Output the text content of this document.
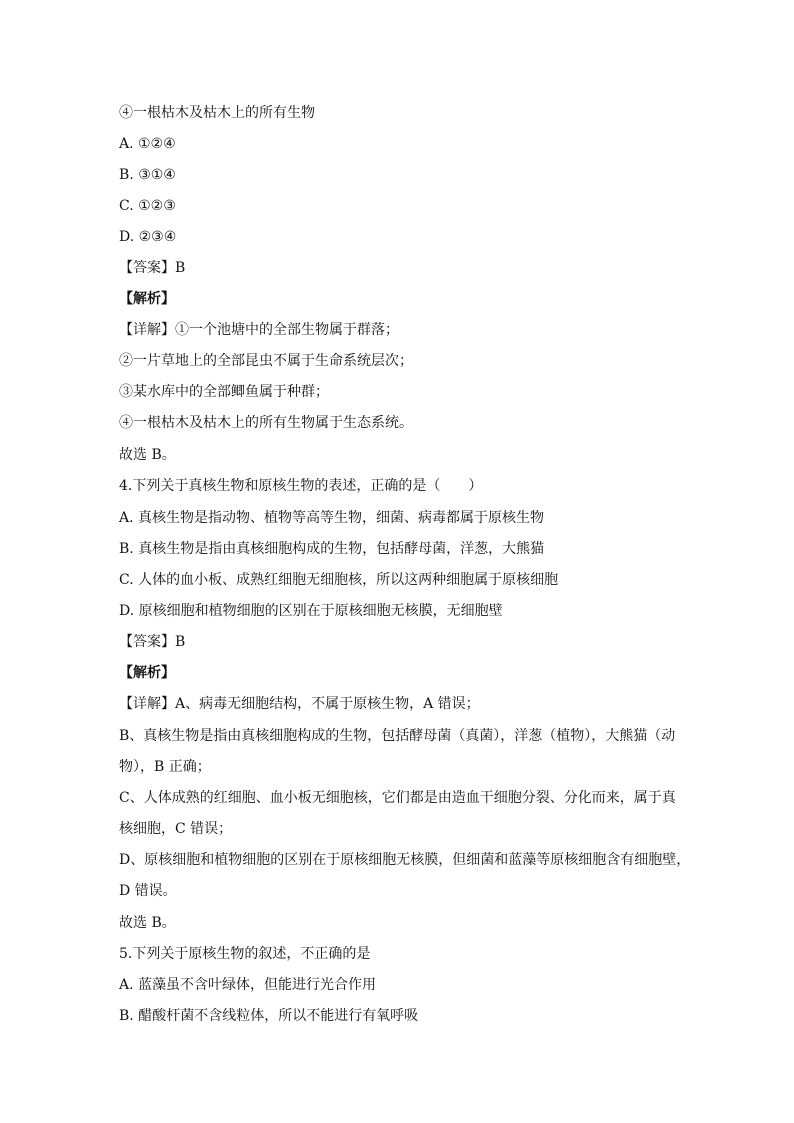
④一根枯木及枯木上的所有生物
A. ①②④
B. ③①④
C. ①②③
D. ②③④
【答案】B
【解析】
【详解】①一个池塘中的全部生物属于群落；
②一片草地上的全部昆虫不属于生命系统层次；
③某水库中的全部鲫鱼属于种群；
④一根枯木及枯木上的所有生物属于生态系统。
故选 B。
4.下列关于真核生物和原核生物的表述，正确的是（　　）
A. 真核生物是指动物、植物等高等生物，细菌、病毒都属于原核生物
B. 真核生物是指由真核细胞构成的生物，包括酵母菌，洋葱，大熊猫
C. 人体的血小板、成熟红细胞无细胞核，所以这两种细胞属于原核细胞
D. 原核细胞和植物细胞的区别在于原核细胞无核膜，无细胞壁
【答案】B
【解析】
【详解】A、病毒无细胞结构，不属于原核生物，A 错误；
B、真核生物是指由真核细胞构成的生物，包括酵母菌（真菌），洋葱（植物），大熊猫（动
物），B 正确；
C、人体成熟的红细胞、血小板无细胞核，它们都是由造血干细胞分裂、分化而来，属于真
核细胞，C 错误；
D、原核细胞和植物细胞的区别在于原核细胞无核膜，但细菌和蓝藻等原核细胞含有细胞壁，
D 错误。
故选 B。
5.下列关于原核生物的叙述，不正确的是
A. 蓝藻虽不含叶绿体，但能进行光合作用
B. 醋酸杆菌不含线粒体，所以不能进行有氧呼吸
